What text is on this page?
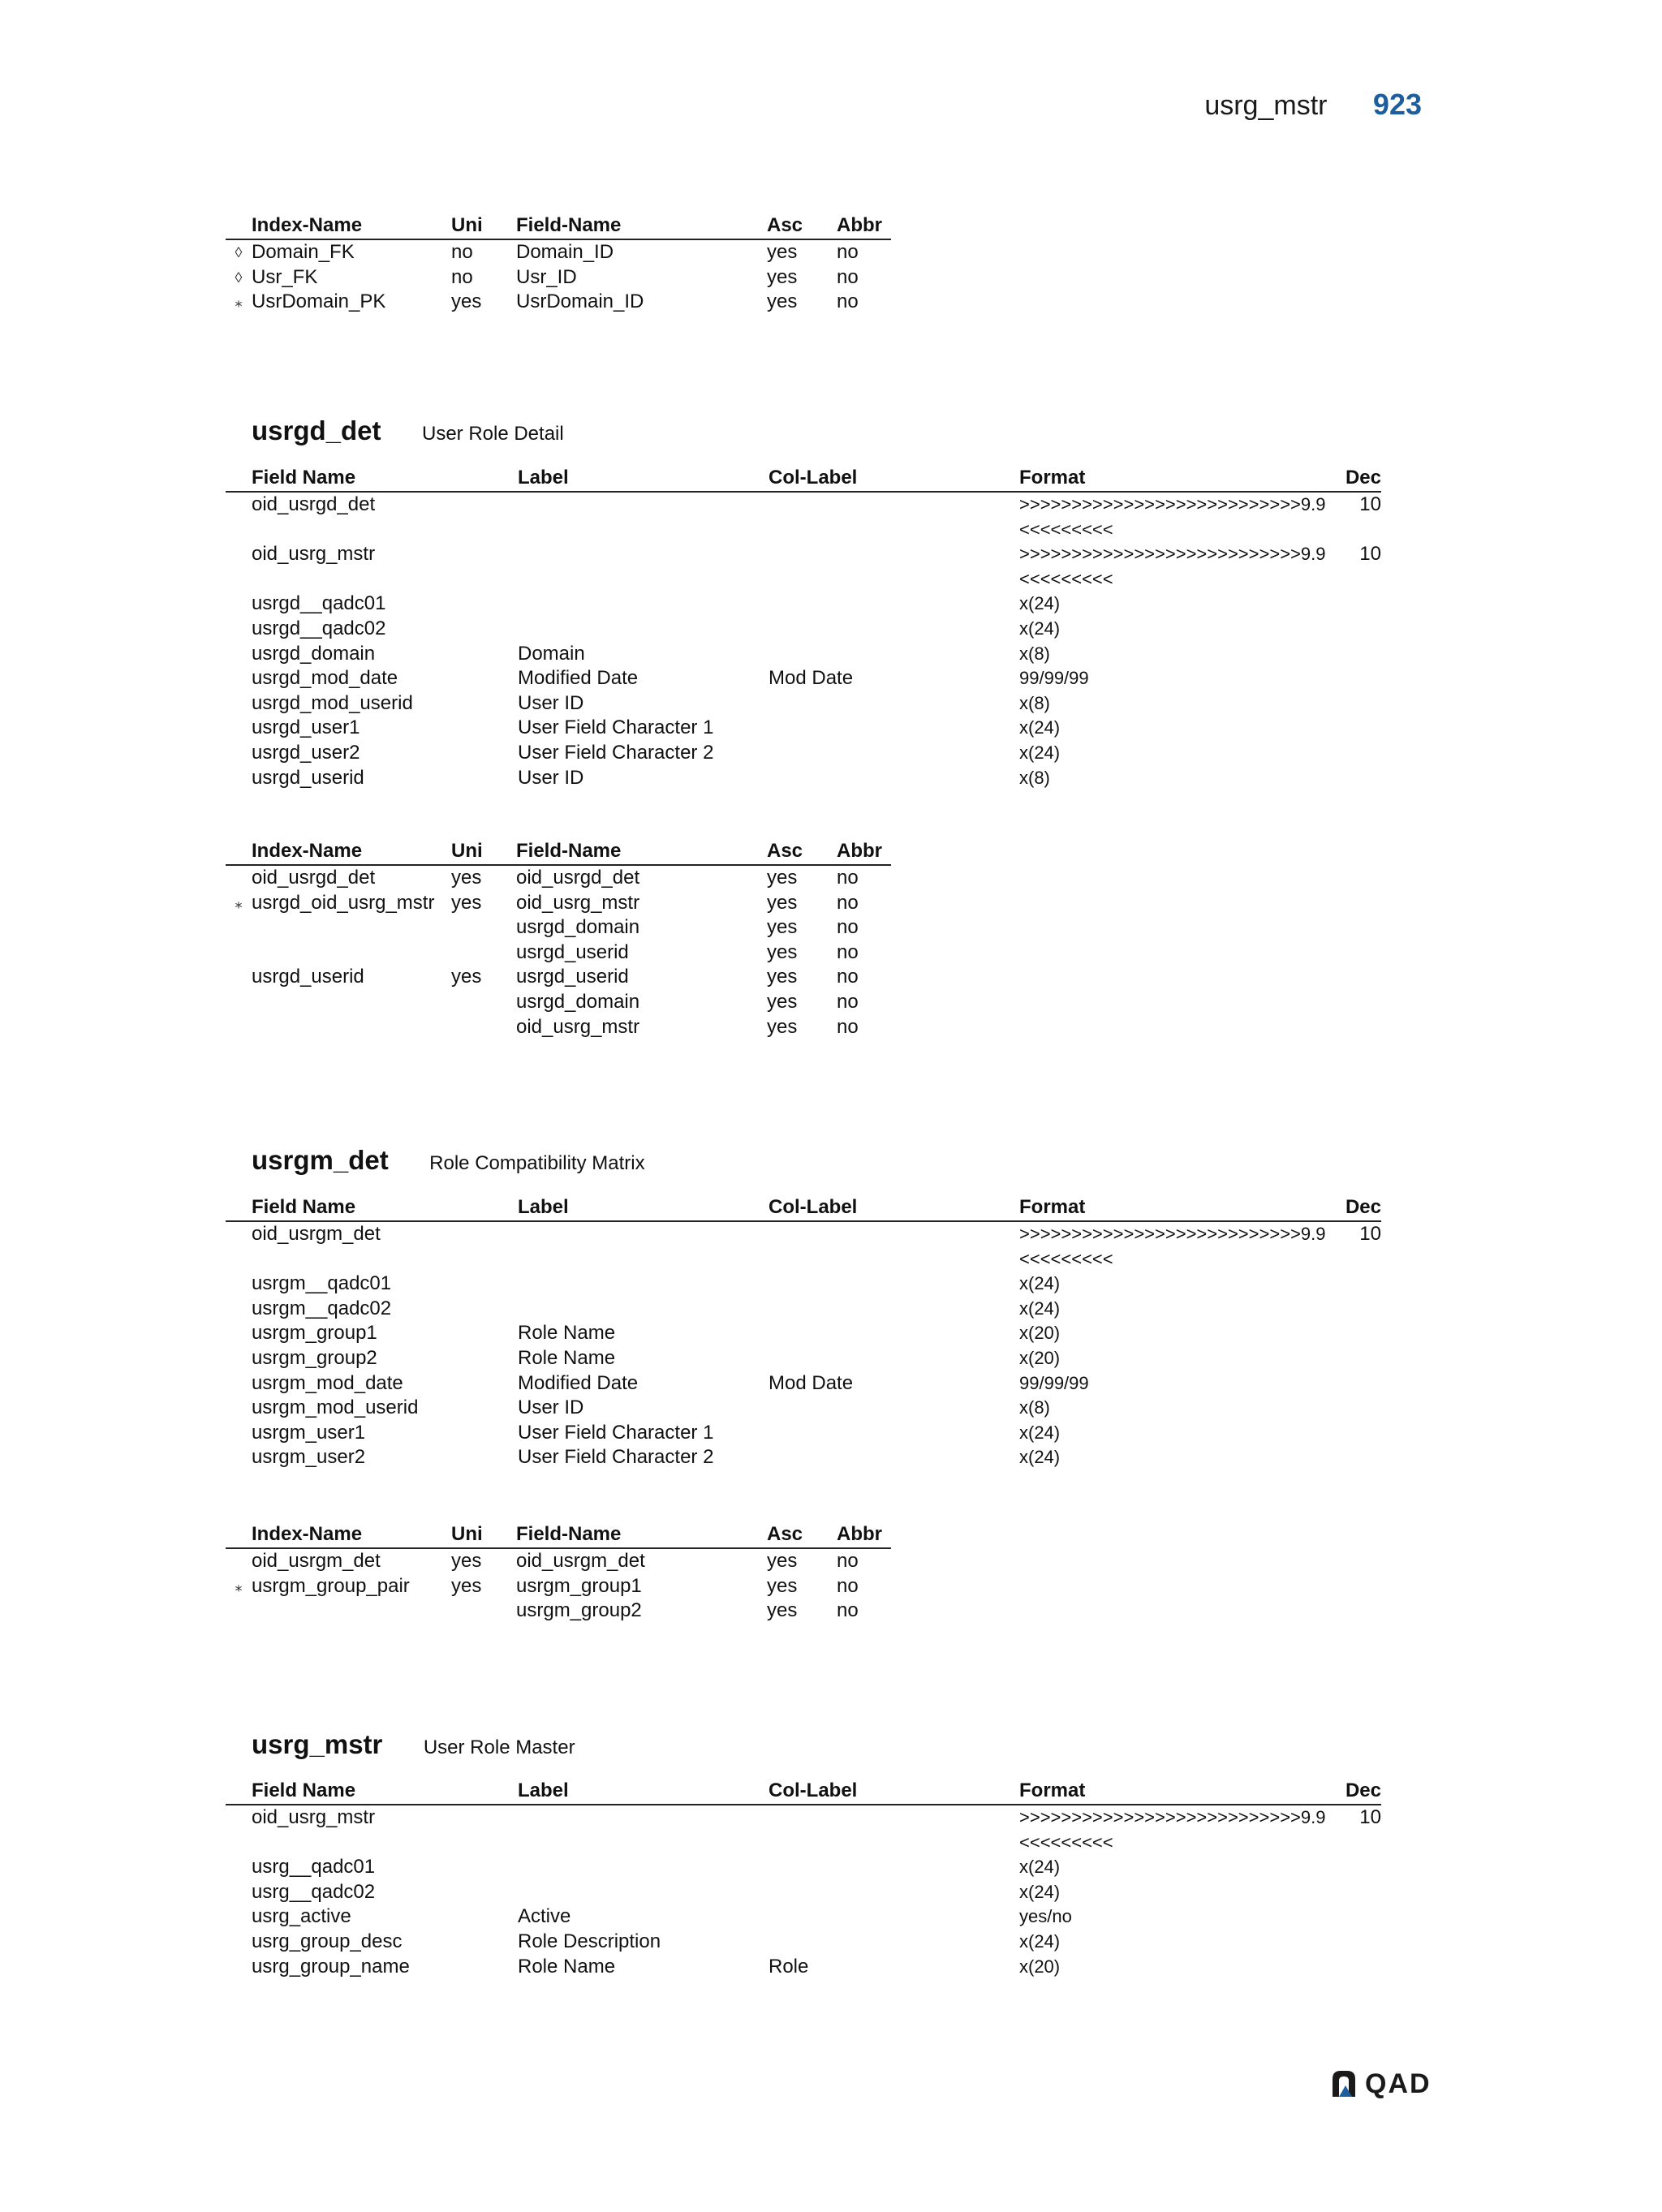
usrg_mstr 923
	Index-Name	Uni	Field-Name	Asc	Abbr
◊	Domain_FK	no	Domain_ID	yes	no
◊	Usr_FK	no	Usr_ID	yes	no
⁎	UsrDomain_PK	yes	UsrDomain_ID	yes	no
usrgd_det User Role Detail
	Field Name	Label	Col-Label	Format	Dec
	oid_usrgd_det			>>>>>>>>>>>>>>>>>>>>>>>>>>>9.9<<<<<<<<<	10
	oid_usrg_mstr			>>>>>>>>>>>>>>>>>>>>>>>>>>>9.9<<<<<<<<<	10
	usrgd__qadc01			x(24)	
	usrgd__qadc02			x(24)	
	usrgd_domain	Domain		x(8)	
	usrgd_mod_date	Modified Date	Mod Date	99/99/99	
	usrgd_mod_userid	User ID		x(8)	
	usrgd_user1	User Field Character 1		x(24)	
	usrgd_user2	User Field Character 2		x(24)	
	usrgd_userid	User ID		x(8)	
	Index-Name	Uni	Field-Name	Asc	Abbr
	oid_usrgd_det	yes	oid_usrgd_det	yes	no
⁎	usrgd_oid_usrg_mstr	yes	oid_usrg_mstr	yes	no
			usrgd_domain	yes	no
			usrgd_userid	yes	no
	usrgd_userid	yes	usrgd_userid	yes	no
			usrgd_domain	yes	no
			oid_usrg_mstr	yes	no
usrgm_det Role Compatibility Matrix
	Field Name	Label	Col-Label	Format	Dec
	oid_usrgm_det			>>>>>>>>>>>>>>>>>>>>>>>>>>>9.9<<<<<<<<<	10
	usrgm__qadc01			x(24)	
	usrgm__qadc02			x(24)	
	usrgm_group1	Role Name		x(20)	
	usrgm_group2	Role Name		x(20)	
	usrgm_mod_date	Modified Date	Mod Date	99/99/99	
	usrgm_mod_userid	User ID		x(8)	
	usrgm_user1	User Field Character 1		x(24)	
	usrgm_user2	User Field Character 2		x(24)	
	Index-Name	Uni	Field-Name	Asc	Abbr
	oid_usrgm_det	yes	oid_usrgm_det	yes	no
⁎	usrgm_group_pair	yes	usrgm_group1	yes	no
			usrgm_group2	yes	no
usrg_mstr User Role Master
	Field Name	Label	Col-Label	Format	Dec
	oid_usrg_mstr			>>>>>>>>>>>>>>>>>>>>>>>>>>>9.9<<<<<<<<<	10
	usrg__qadc01			x(24)	
	usrg__qadc02			x(24)	
	usrg_active	Active		yes/no	
	usrg_group_desc	Role Description		x(24)	
	usrg_group_name	Role Name	Role	x(20)	
QAD
